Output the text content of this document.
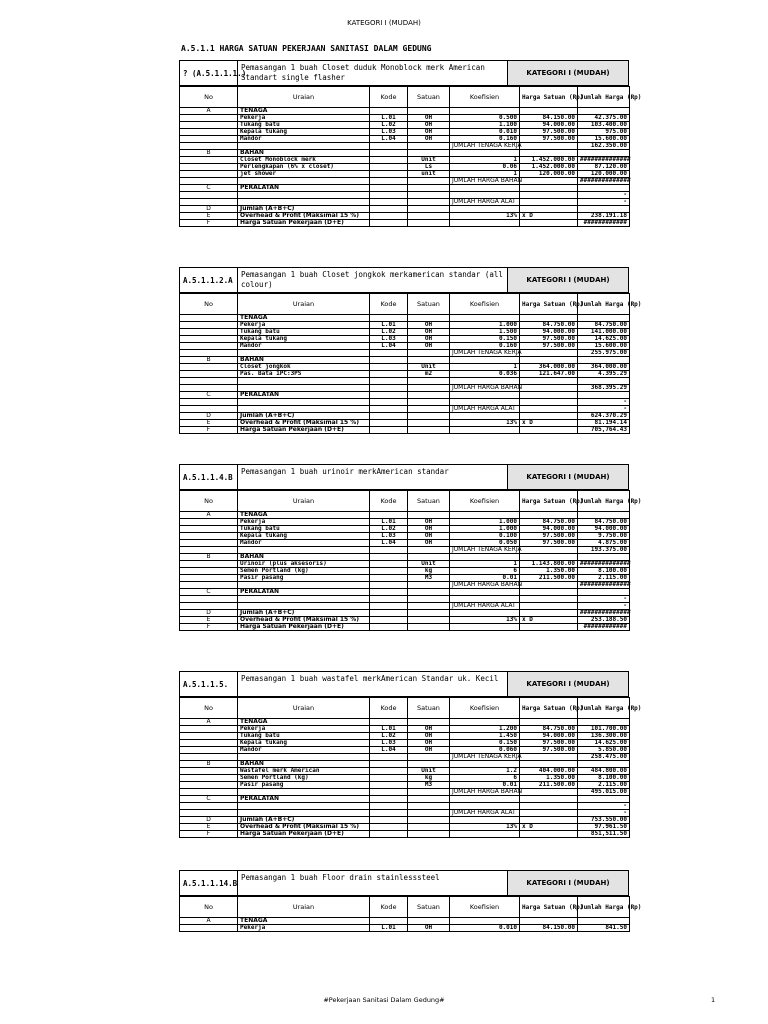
KATEGORI I (MUDAH)
A.5.1.1 HARGA SATUAN PEKERJAAN SANITASI DALAM GEDUNG
? (A.5.1.1.1.)
Pemasangan 1 buah Closet duduk Monoblock merk American Standart single flasher	KATEGORI I (MUDAH)
No	Uraian	Kode	Satuan	Koefisien	Harga Satuan (Rp)	Jumlah Harga (Rp)
A	TENAGA					
	Pekerja	L.01	OH	0.500	84.150.00	42.375.00
	Tukang batu	L.02	OH	1.100	94.000.00	103.400.00
	Kepala tukang	L.03	OH	0.010	97.500.00	975.00
	Mandor	L.04	OH	0.160	97.500.00	15.600.00
				JUMLAH TENAGA KERJA		162.350.00
B	BAHAN					
	Closet Monoblock merk		Unit	1	1.452.000.00	##############
	Perlengkapan (6% x closet)		Ls	0.06	1.452.000.00	87.120.00
	jet shower		unit	1	120.000.00	120.000.00
				JUMLAH HARGA BAHAN		##############
C	PERALATAN					
						-
				JUMLAH HARGA ALAT		-
D	Jumlah (A+B+C)					
E	Overhead & Profit (Maksimal 15 %)			13%	x D	238.191.18
F	Harga Satuan Pekerjaan (D+E)					############
A.5.1.1.2.A
Pemasangan 1 buah Closet jongkok merkamerican standar (all colour)	KATEGORI I (MUDAH)
No	Uraian	Kode	Satuan	Koefisien	Harga Satuan (Rp)	Jumlah Harga (Rp)
	TENAGA					
	Pekerja	L.01	OH	1.000	84.750.00	84.750.00
	Tukang batu	L.02	OH	1.500	94.000.00	141.000.00
	Kepala tukang	L.03	OH	0.150	97.500.00	14.625.00
	Mandor	L.04	OH	0.160	97.500.00	15.600.00
				JUMLAH TENAGA KERJA		255.975.00
B	BAHAN					
	Closet jongkok		Unit	1	364.000.00	364.000.00
	Pas. Bata 1PC:3PS		m2	0.036	121.647.00	4.395.29

				JUMLAH HARGA BAHAN		368.395.29
C	PERALATAN					
						-
				JUMLAH HARGA ALAT		-
D	Jumlah (A+B+C)					624.370.29
E	Overhead & Profit (Maksimal 15 %)			13%	x D	81.194.14
F	Harga Satuan Pekerjaan (D+E)					705,764.43
A.5.1.1.4.B
Pemasangan 1 buah urinoir merkAmerican standar
KATEGORI I (MUDAH)
No	Uraian	Kode	Satuan	Koefisien	Harga Satuan (Rp)	Jumlah Harga (Rp)
A	TENAGA					
	Pekerja	L.01	OH	1.000	84.750.00	84.750.00
	Tukang batu	L.02	OH	1.000	94.000.00	94.000.00
	Kepala tukang	L.03	OH	0.100	97.500.00	9.750.00
	Mandor	L.04	OH	0.050	97.500.00	4.875.00
				JUMLAH TENAGA KERJA		193.375.00
B	BAHAN					
	Urinoir (plus aksesoris)		Unit	1	1.143.800.00	##############
	Semen Portland (kg)		kg	6	1.350.00	8.100.00
	Pasir pasang		M3	0.01	211.500.00	2.115.00
				JUMLAH HARGA BAHAN		##############
C	PERALATAN					
						-
				JUMLAH HARGA ALAT		-
D	Jumlah (A+B+C)					##############
E	Overhead & Profit (Maksimal 15 %)			13%	x D	253.188.50
F	Harga Satuan Pekerjaan (D+E)					############
A.5.1.1.5.
Pemasangan 1 buah wastafel merkAmerican Standar uk. Kecil
KATEGORI I (MUDAH)
No	Uraian	Kode	Satuan	Koefisien	Harga Satuan (Rp)	Jumlah Harga (Rp)
A	TENAGA					
	Pekerja	L.01	OH	1.200	84.750.00	101.700.00
	Tukang batu	L.02	OH	1.450	94.000.00	136.300.00
	Kepala tukang	L.03	OH	0.150	97.500.00	14.625.00
	Mandor	L.04	OH	0.060	97.500.00	5.850.00
				JUMLAH TENAGA KERJA		258.475.00
B	BAHAN					
	Wastafel merk American		Unit	1.2	404.000.00	484.800.00
	Semen Portland (kg)		kg	6	1.350.00	8.100.00
	Pasir pasang		M3	0.01	211.500.00	2.115.00
				JUMLAH HARGA BAHAN		495.015.00
C	PERALATAN					
						-
				JUMLAH HARGA ALAT		-
D	Jumlah (A+B+C)					753.550.00
E	Overhead & Profit (Maksimal 15 %)			13%	x D	97.961.50
F	Harga Satuan Pekerjaan (D+E)					851,511.50
A.5.1.1.14.B
Pemasangan 1 buah Floor drain stainlesssteel
KATEGORI I (MUDAH)
No	Uraian	Kode	Satuan	Koefisien	Harga Satuan (Rp)	Jumlah Harga (Rp)
A	TENAGA					
	Pekerja	L.01	OH	0.010	84.150.00	841.50
#Pekerjaan Sanitasi Dalam Gedung#	1
